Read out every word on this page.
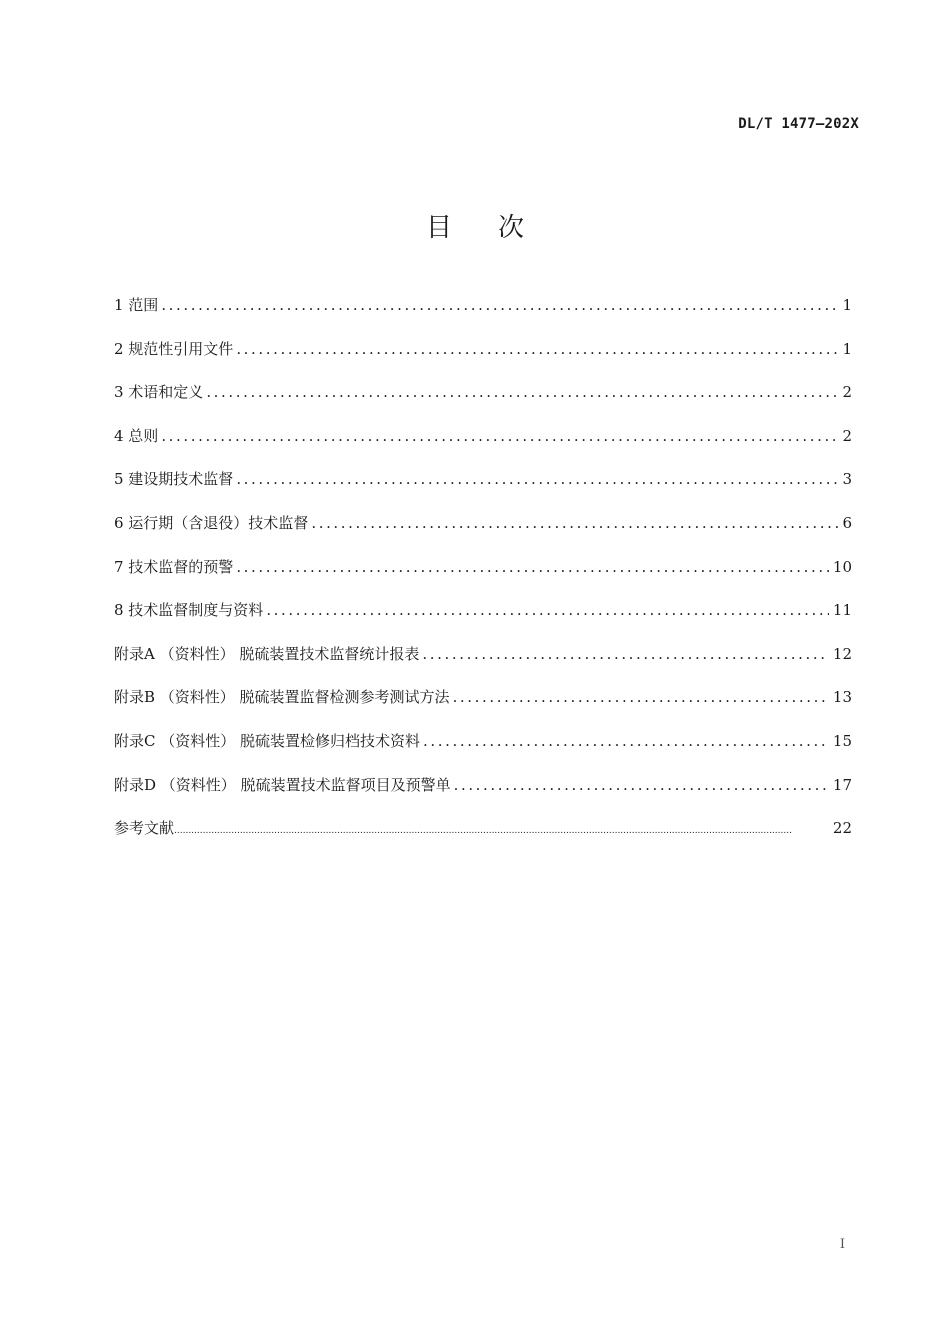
DL/T 1477—202X
目次
1 范围 .....	1
2 规范性引用文件 .....	1
3 术语和定义 .....	2
4 总则 .....	2
5 建设期技术监督 .....	3
6 运行期（含退役）技术监督 .....	6
7 技术监督的预警 .....	10
8 技术监督制度与资料 .....	11
附录A （资料性） 脱硫装置技术监督统计报表 .....	12
附录B （资料性） 脱硫装置监督检测参考测试方法 .....	13
附录C （资料性） 脱硫装置检修归档技术资料 .....	15
附录D （资料性） 脱硫装置技术监督项目及预警单 .....	17
参考文献 .....	22
I
